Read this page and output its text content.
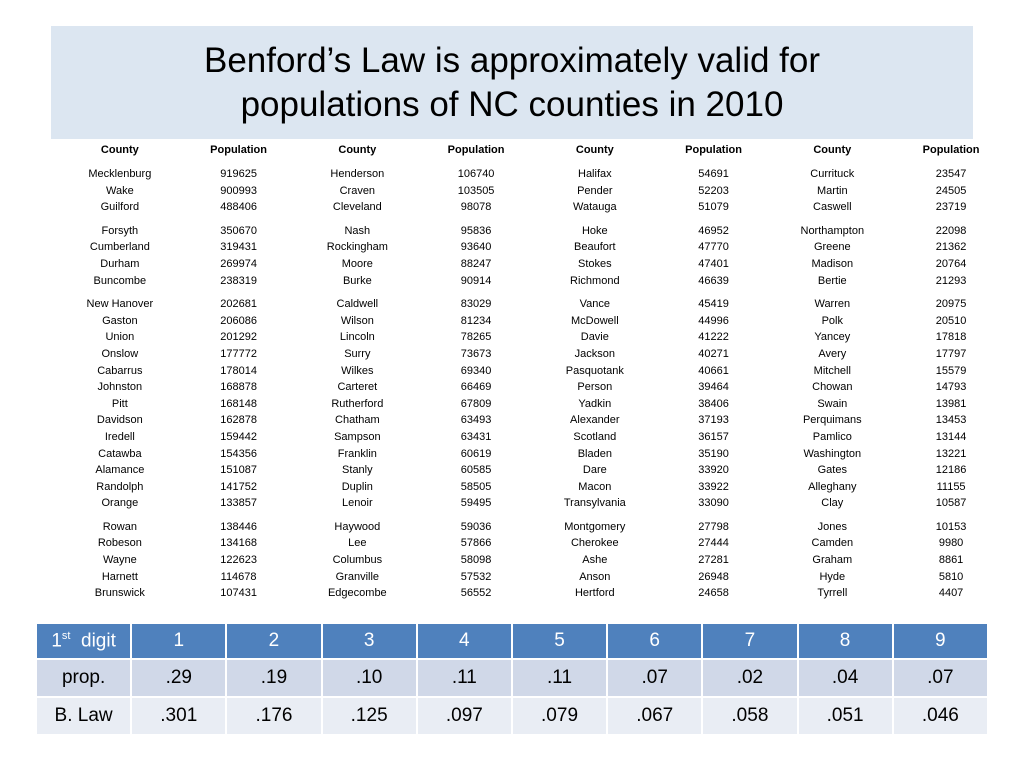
Benford’s Law is approximately valid for
populations of NC counties in 2010
County	Population	County	Population	County	Population	County	Population

Mecklenburg	919625	Henderson	106740	Halifax	54691	Currituck	23547
Wake	900993	Craven	103505	Pender	52203	Martin	24505
Guilford	488406	Cleveland	98078	Watauga	51079	Caswell	23719

Forsyth	350670	Nash	95836	Hoke	46952	Northampton	22098
Cumberland	319431	Rockingham	93640	Beaufort	47770	Greene	21362
Durham	269974	Moore	88247	Stokes	47401	Madison	20764
Buncombe	238319	Burke	90914	Richmond	46639	Bertie	21293

New Hanover	202681	Caldwell	83029	Vance	45419	Warren	20975
Gaston	206086	Wilson	81234	McDowell	44996	Polk	20510
Union	201292	Lincoln	78265	Davie	41222	Yancey	17818
Onslow	177772	Surry	73673	Jackson	40271	Avery	17797
Cabarrus	178014	Wilkes	69340	Pasquotank	40661	Mitchell	15579
Johnston	168878	Carteret	66469	Person	39464	Chowan	14793
Pitt	168148	Rutherford	67809	Yadkin	38406	Swain	13981
Davidson	162878	Chatham	63493	Alexander	37193	Perquimans	13453
Iredell	159442	Sampson	63431	Scotland	36157	Pamlico	13144
Catawba	154356	Franklin	60619	Bladen	35190	Washington	13221
Alamance	151087	Stanly	60585	Dare	33920	Gates	12186
Randolph	141752	Duplin	58505	Macon	33922	Alleghany	11155
Orange	133857	Lenoir	59495	Transylvania	33090	Clay	10587

Rowan	138446	Haywood	59036	Montgomery	27798	Jones	10153
Robeson	134168	Lee	57866	Cherokee	27444	Camden	9980
Wayne	122623	Columbus	58098	Ashe	27281	Graham	8861
Harnett	114678	Granville	57532	Anson	26948	Hyde	5810
Brunswick	107431	Edgecombe	56552	Hertford	24658	Tyrrell	4407
1st digit	1	2	3	4	5	6	7	8	9
prop.	.29	.19	.10	.11	.11	.07	.02	.04	.07
B. Law	.301	.176	.125	.097	.079	.067	.058	.051	.046
